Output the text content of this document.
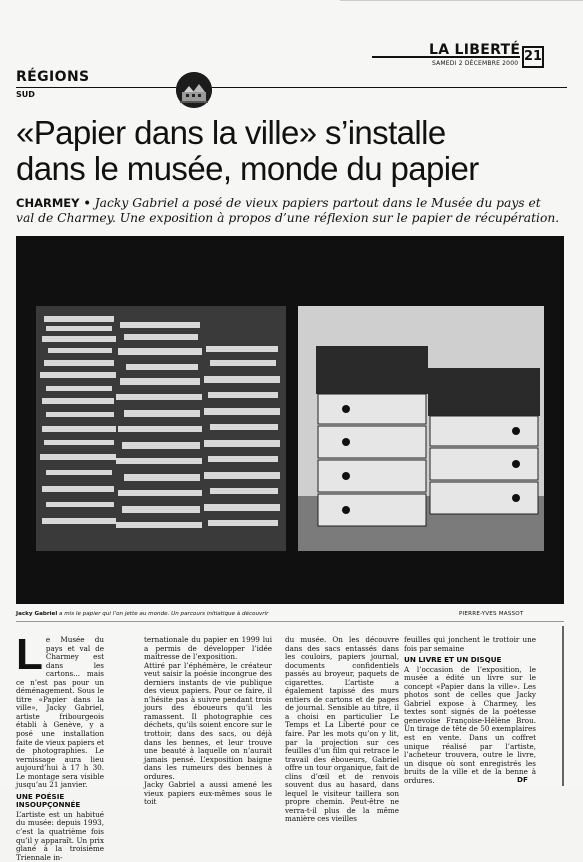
LA LIBERTÉ
SAMEDI 2 DÉCEMBRE 2000 21
RÉGIONS
SUD
«Papier dans la ville» s’installe
dans le musée, monde du papier

CHARMEY • Jacky Gabriel a posé de vieux papiers partout dans le Musée du pays et val de Charmey. Une exposition à propos d’une réflexion sur le papier de récupération.

Jacky Gabriel a mis le papier qui l’on jette au monde. Un parcours initiatique à découvrir	PIERRE-YVES MASSOT

Le Musée du pays et val de Charmey est dans les cartons... mais ce n’est pas pour un déménagement. Sous le titre «Papier dans la ville», Jacky Gabriel, artiste fribourgeois établi à Genève, y a posé une installation faite de vieux papiers et de photographies. Le vernissage aura lieu aujourd’hui à 17 h 30. Le montage sera visible jusqu’au 21 janvier.

UNE POÉSIE INSOUPÇONNÉE

L’artiste est un habitué du musée: depuis 1993, c’est la quatrième fois qu’il y apparaît. Un prix glané à la troisième Triennale in-

ternationale du papier en 1999 lui a permis de développer l’idée maîtresse de l’exposition.

Attiré par l’éphémère, le créateur veut saisir la poésie incongrue des derniers instants de vie publique des vieux papiers. Pour ce faire, il n’hésite pas à suivre pendant trois jours des éboueurs qu’il les ramassent. Il photographie ces déchets, qu’ils soient encore sur le trottoir, dans des sacs, ou déjà dans les bennes, et leur trouve une beauté à laquelle on n’aurait jamais pensé. L’exposition baigne dans les rumeurs des bennes à ordures.

Jacky Gabriel a aussi amené les vieux papiers eux-mêmes sous le toit

du musée. On les découvre dans des sacs entassés dans les couloirs, papiers journal, documents confidentiels passés au broyeur, paquets de cigarettes. L’artiste a également tapissé des murs entiers de cartons et de pages de journal. Sensible au titre, il a choisi en particulier Le Temps et La Liberté pour ce faire. Par les mots qu’on y lit, par la projection sur ces feuilles d’un film qui retrace le travail des éboueurs, Gabriel offre un tour organique, fait de clins d’œil et de renvois souvent dus au hasard, dans lequel le visiteur taillera son propre chemin. Peut-être ne verra-t-il plus de la même manière ces vieilles

feuilles qui jonchent le trottoir une fois par semaine

UN LIVRE ET UN DISQUE

A l’occasion de l’exposition, le musée a édité un livre sur le concept «Papier dans la ville». Les photos sont de celles que Jacky Gabriel expose à Charmey, les textes sont signés de la poétesse genevoise Françoise-Hélène Brou. Un tirage de tête de 50 exemplaires est en vente. Dans un coffret unique réalisé par l’artiste, l’acheteur trouvera, outre le livre, un disque où sont enregistrés les bruits de la ville et de la benne à ordures.	DF
